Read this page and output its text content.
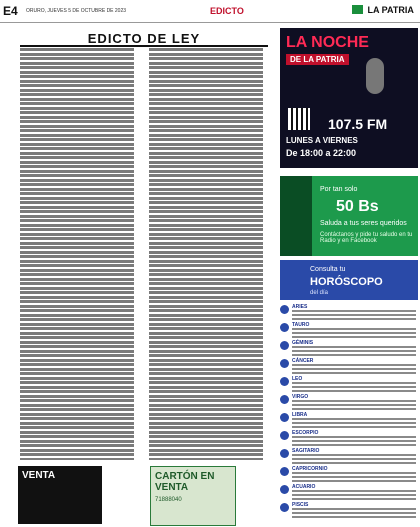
E4 ORURO, JUEVES 5 DE OCTUBRE DE 2023	EDICTO	LA PATRIA
EDICTO DE LEY	LA NOCHE
DE LA PATRIA
107.5 FM
LUNES A VIERNES
De 18:00 a 22:00
Por tan solo
50 Bs
Saluda a tus seres queridos
Contáctanos y pide tu saludo en tu Radio y en Facebook
Consulta tu
HORÓSCOPO
del día
ARIES
TAURO
GÉMINIS
CÁNCER
LEO
VIRGO
LIBRA
ESCORPIO
SAGITARIO
CAPRICORNIO
ACUARIO
PISCIS
VENTA	CARTÓN EN VENTA
71888040
